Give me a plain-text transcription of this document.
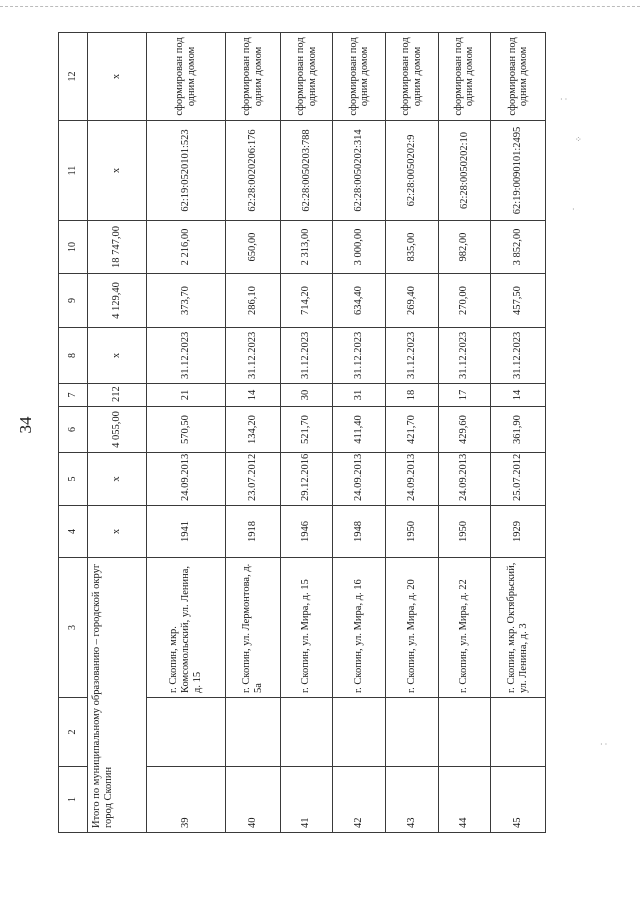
34
1	2	3	4	5	6	7	8	9	10	11	12
Итого по муниципальному образованию – городской округ город Скопин			x	x	4 055,00	212	x	4 129,40	18 747,00	x	x
39		г. Скопин, мкр. Комсомольский, ул. Ленина, д. 15	1941	24.09.2013	570,50	21	31.12.2023	373,70	2 216,00	62:19:0520101:523	сформирован под одним домом
40		г. Скопин, ул. Лермонтова, д. 5а	1918	23.07.2012	134,20	14	31.12.2023	286,10	650,00	62:28:0020206:176	сформирован под одним домом
41		г. Скопин, ул. Мира, д. 15	1946	29.12.2016	521,70	30	31.12.2023	714,20	2 313,00	62:28:0050203:788	сформирован под одним домом
42		г. Скопин, ул. Мира, д. 16	1948	24.09.2013	411,40	31	31.12.2023	634,40	3 000,00	62:28:0050202:314	сформирован под одним домом
43		г. Скопин, ул. Мира, д. 20	1950	24.09.2013	421,70	18	31.12.2023	269,40	835,00	62:28:0050202:9	сформирован под одним домом
44		г. Скопин, ул. Мира, д. 22	1950	24.09.2013	429,60	17	31.12.2023	270,00	982,00	62:28:0050202:10	сформирован под одним домом
45		г. Скопин, мкр. Октябрьский, ул. Ленина, д. 3	1929	25.07.2012	361,90	14	31.12.2023	457,50	3 852,00	62:19:0090101:2495	сформирован под одним домом	· ·
⁘
·
· ·
